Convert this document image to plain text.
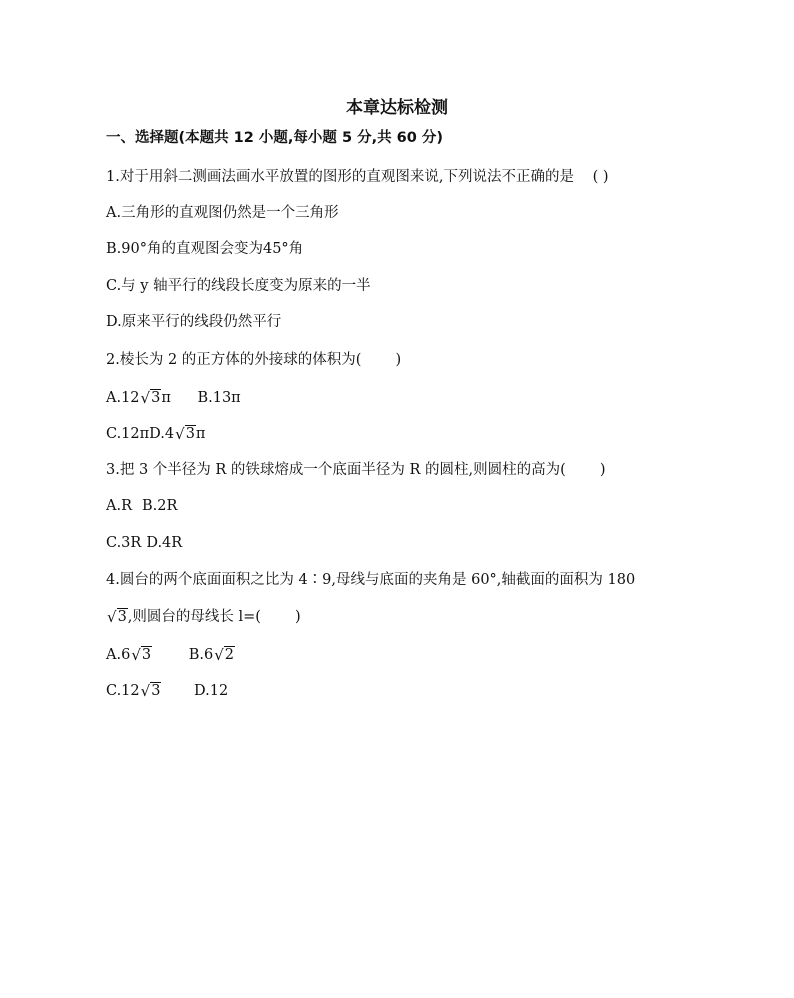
本章达标检测
一、选择题(本题共 12 小题,每小题 5 分,共 60 分)
1.对于用斜二测画法画水平放置的图形的直观图来说,下列说法不正确的是 ( )
A.三角形的直观图仍然是一个三角形
B.90°角的直观图会变为45°角
C.与 y 轴平行的线段长度变为原来的一半
D.原来平行的线段仍然平行
2.棱长为 2 的正方体的外接球的体积为( )
A.12√3π B.13π
C.12πD.4√3π
3.把 3 个半径为 R 的铁球熔成一个底面半径为 R 的圆柱,则圆柱的高为( )
A.R B.2R
C.3R D.4R
4.圆台的两个底面面积之比为 4∶9,母线与底面的夹角是 60°,轴截面的面积为 180
√3,则圆台的母线长 l=( )
A.6√3	B.6√2
C.12√3 D.12
